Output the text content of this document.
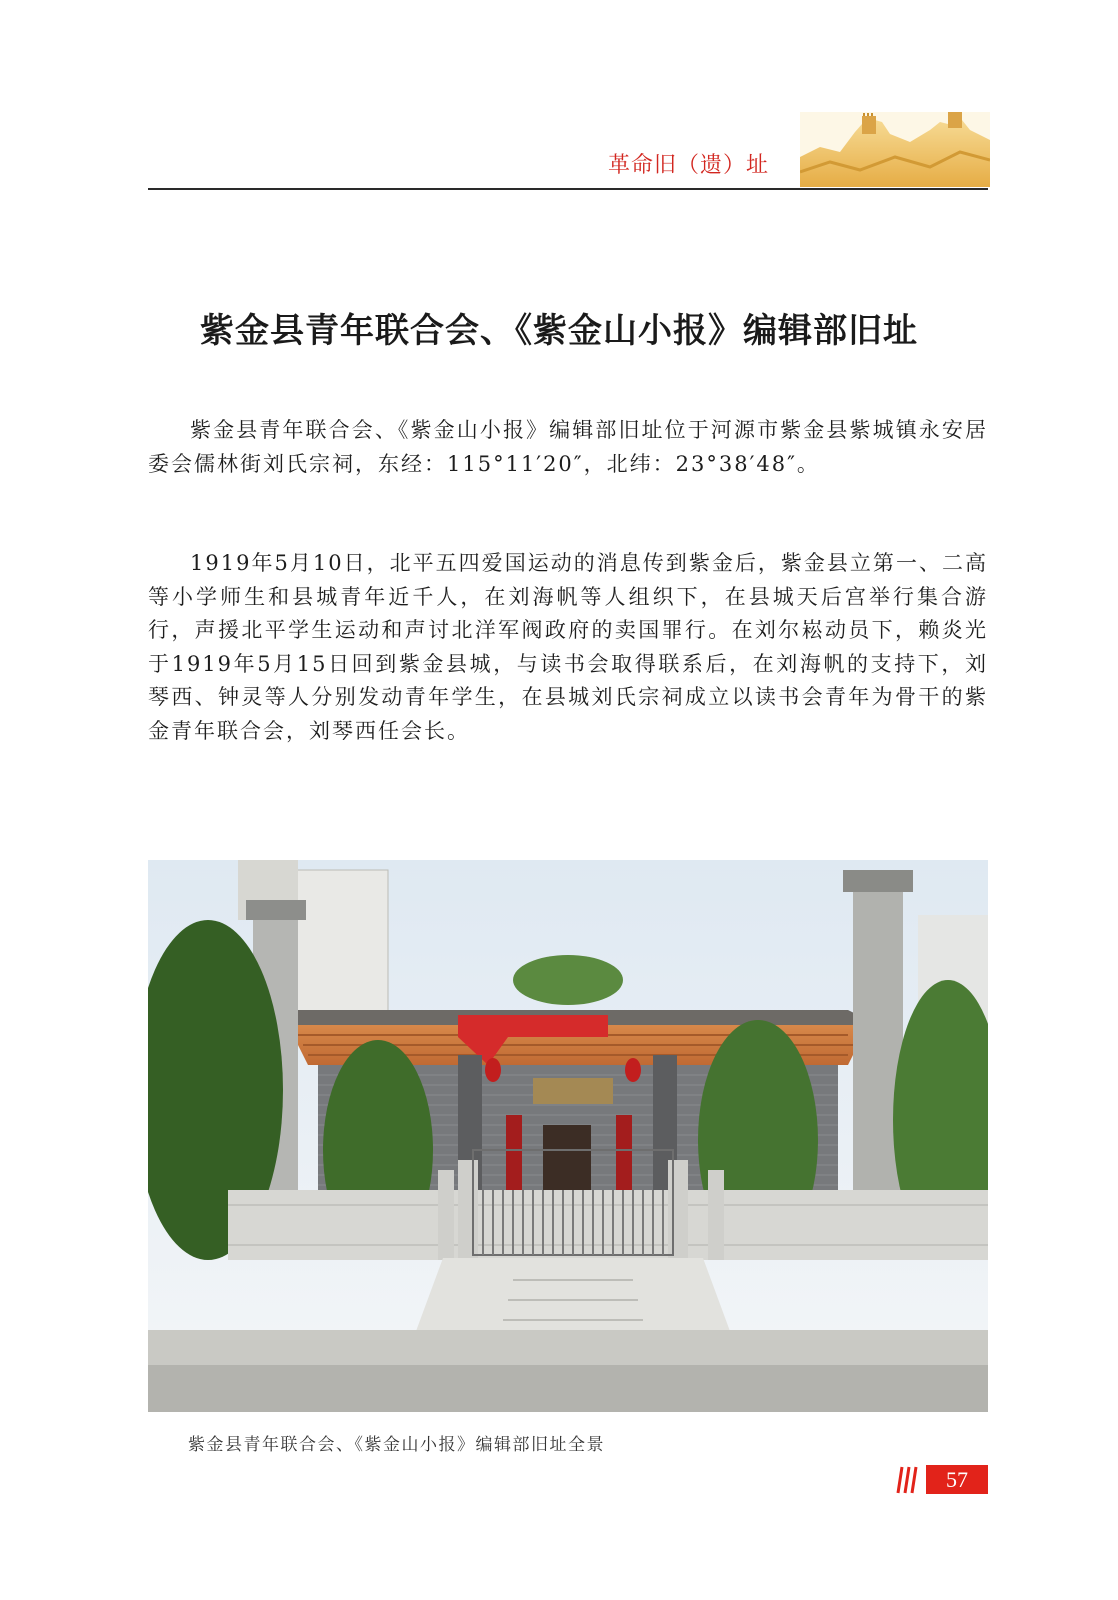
革命旧（遗）址
紫金县青年联合会、《紫金山小报》编辑部旧址

紫金县青年联合会、《紫金山小报》编辑部旧址位于河源市紫金县紫城镇永安居委会儒林街刘氏宗祠，东经：115°11′20″，北纬：23°38′48″。

1919年5月10日，北平五四爱国运动的消息传到紫金后，紫金县立第一、二高等小学师生和县城青年近千人，在刘海帆等人组织下，在县城天后宫举行集合游行，声援北平学生运动和声讨北洋军阀政府的卖国罪行。在刘尔崧动员下，赖炎光于1919年5月15日回到紫金县城，与读书会取得联系后，在刘海帆的支持下，刘琴西、钟灵等人分别发动青年学生，在县城刘氏宗祠成立以读书会青年为骨干的紫金青年联合会，刘琴西任会长。

紫金县青年联合会、《紫金山小报》编辑部旧址全景
57
